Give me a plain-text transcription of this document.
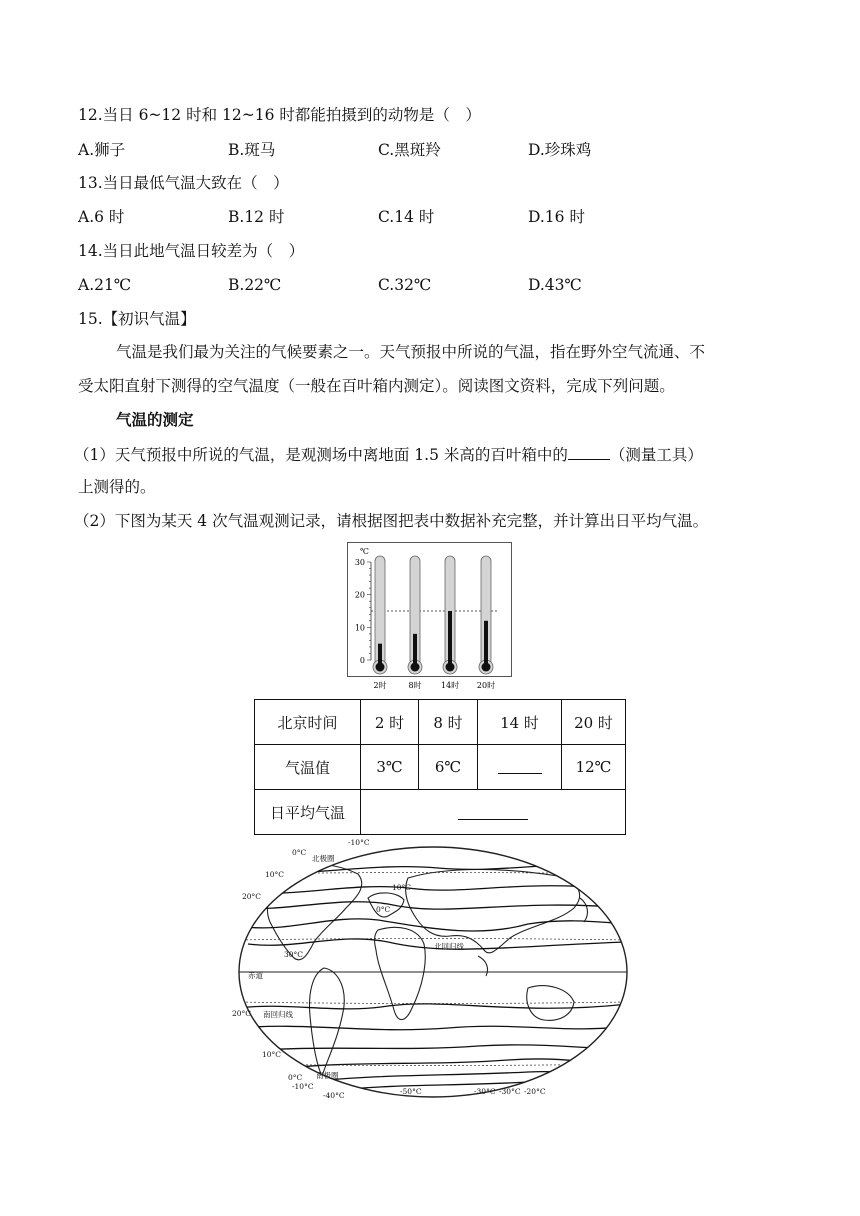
12.当日 6~12 时和 12~16 时都能拍摄到的动物是（　）
A.狮子	B.斑马	C.黑斑羚	D.珍珠鸡
13.当日最低气温大致在（　）
A.6 时	B.12 时	C.14 时	D.16 时
14.当日此地气温日较差为（　）
A.21℃	B.22℃	C.32℃	D.43℃
15.【初识气温】
气温是我们最为关注的气候要素之一。天气预报中所说的气温，指在野外空气流通、不
受太阳直射下测得的空气温度（一般在百叶箱内测定）。阅读图文资料，完成下列问题。
气温的测定
（1）天气预报中所说的气温，是观测场中离地面 1.5 米高的百叶箱中的	（测量工具）
上测得的。
（2）下图为某天 4 次气温观测记录，请根据图把表中数据补充完整，并计算出日平均气温。
℃
30
20
10
0
2时	8时 14时 20时
北京时间	2 时	8 时	14 时	20 时
气温值	3℃	6℃		12℃
日平均气温				
-10°C
北极圈
0°C
10°C
20°C
30°C
0°C
10°C
北回归线
赤道
20°C 南回归线
10°C
南极圈
0°C
-10°C
-40°C	-50°C	-30°C -30°C -20°C
